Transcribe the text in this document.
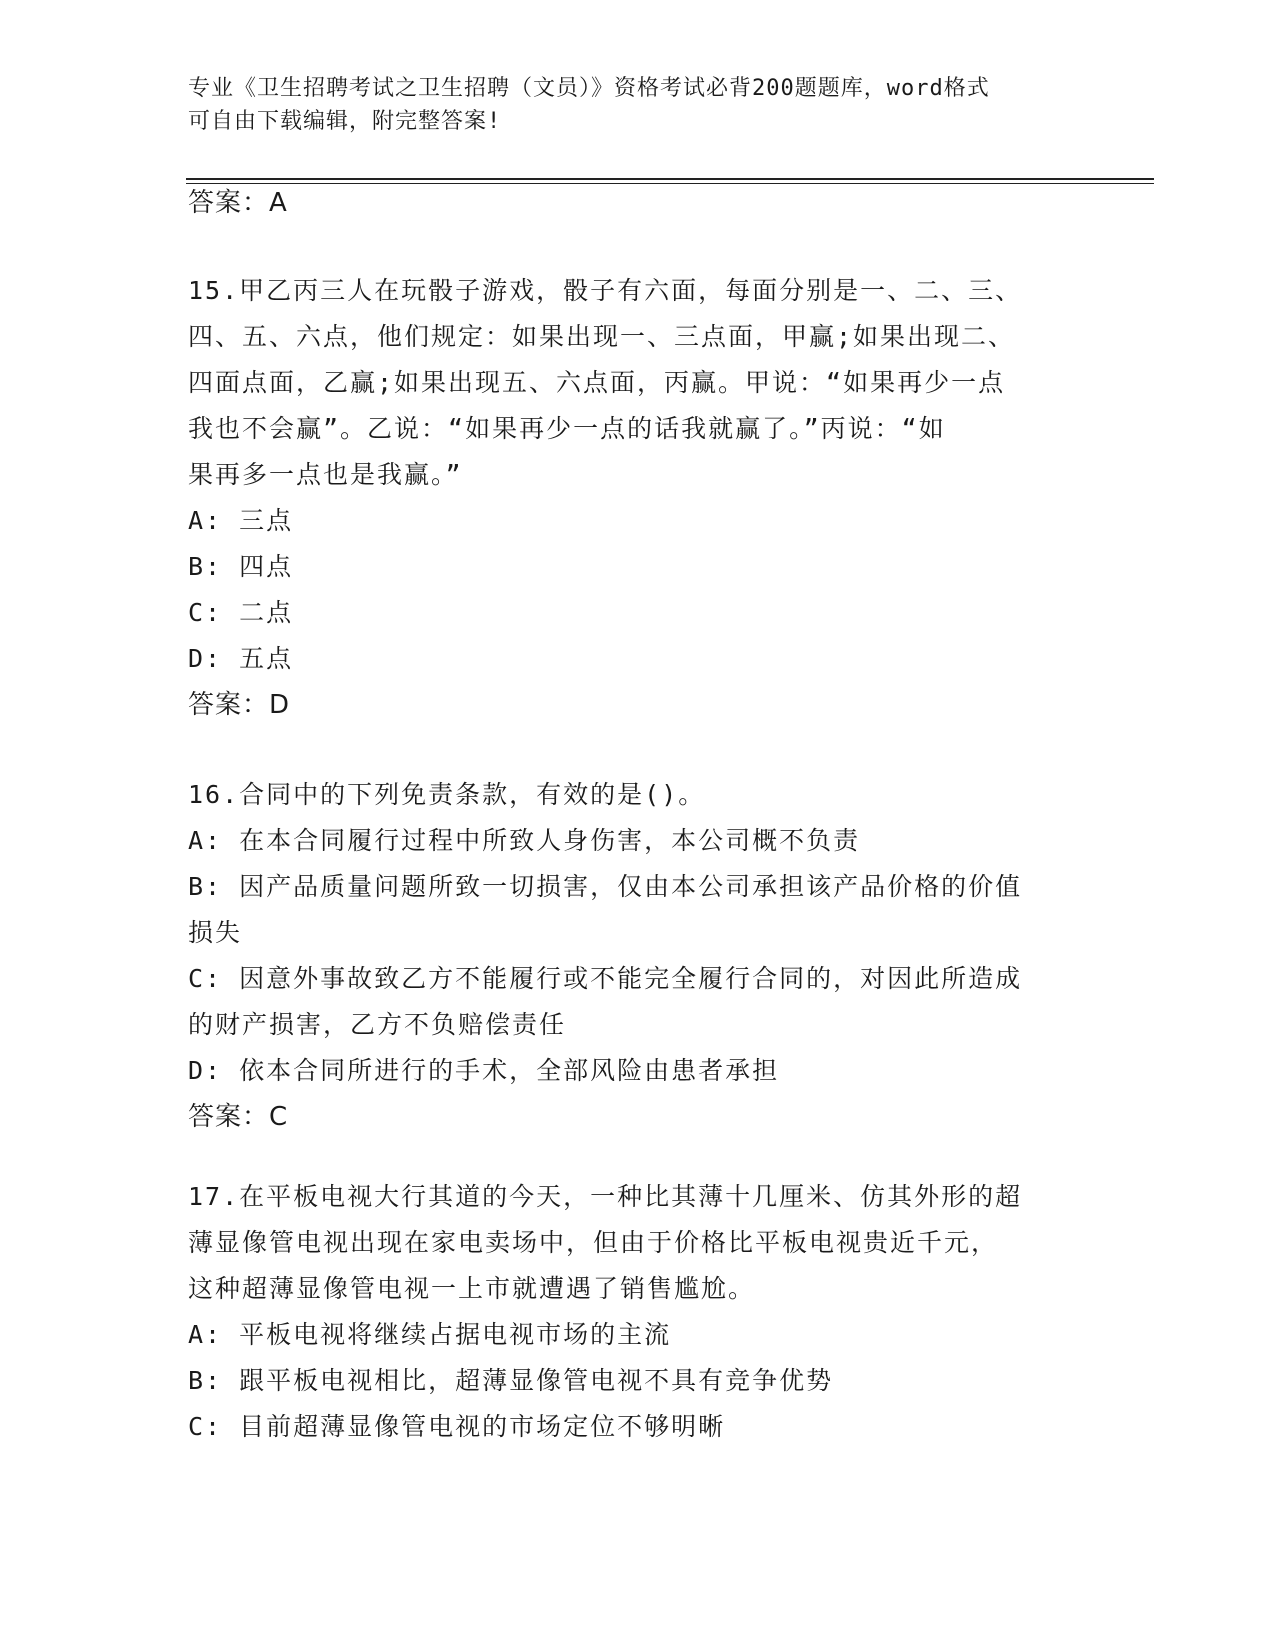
专业《卫生招聘考试之卫生招聘（文员）》资格考试必背200题题库，word格式
可自由下载编辑，附完整答案!
答案：A
15.甲乙丙三人在玩骰子游戏，骰子有六面，每面分别是一、二、三、
四、五、六点，他们规定：如果出现一、三点面，甲赢;如果出现二、
四面点面，乙赢;如果出现五、六点面，丙赢。甲说：“如果再少一点
我也不会赢”。乙说：“如果再少一点的话我就赢了。”丙说：“如
果再多一点也是我赢。”
A: 三点
B: 四点
C: 二点
D: 五点
答案：D
16.合同中的下列免责条款，有效的是()。
A: 在本合同履行过程中所致人身伤害，本公司概不负责
B: 因产品质量问题所致一切损害，仅由本公司承担该产品价格的价值
损失
C: 因意外事故致乙方不能履行或不能完全履行合同的，对因此所造成
的财产损害，乙方不负赔偿责任
D: 依本合同所进行的手术，全部风险由患者承担
答案：C
17.在平板电视大行其道的今天，一种比其薄十几厘米、仿其外形的超
薄显像管电视出现在家电卖场中，但由于价格比平板电视贵近千元，
这种超薄显像管电视一上市就遭遇了销售尴尬。
A: 平板电视将继续占据电视市场的主流
B: 跟平板电视相比，超薄显像管电视不具有竞争优势
C: 目前超薄显像管电视的市场定位不够明晰
